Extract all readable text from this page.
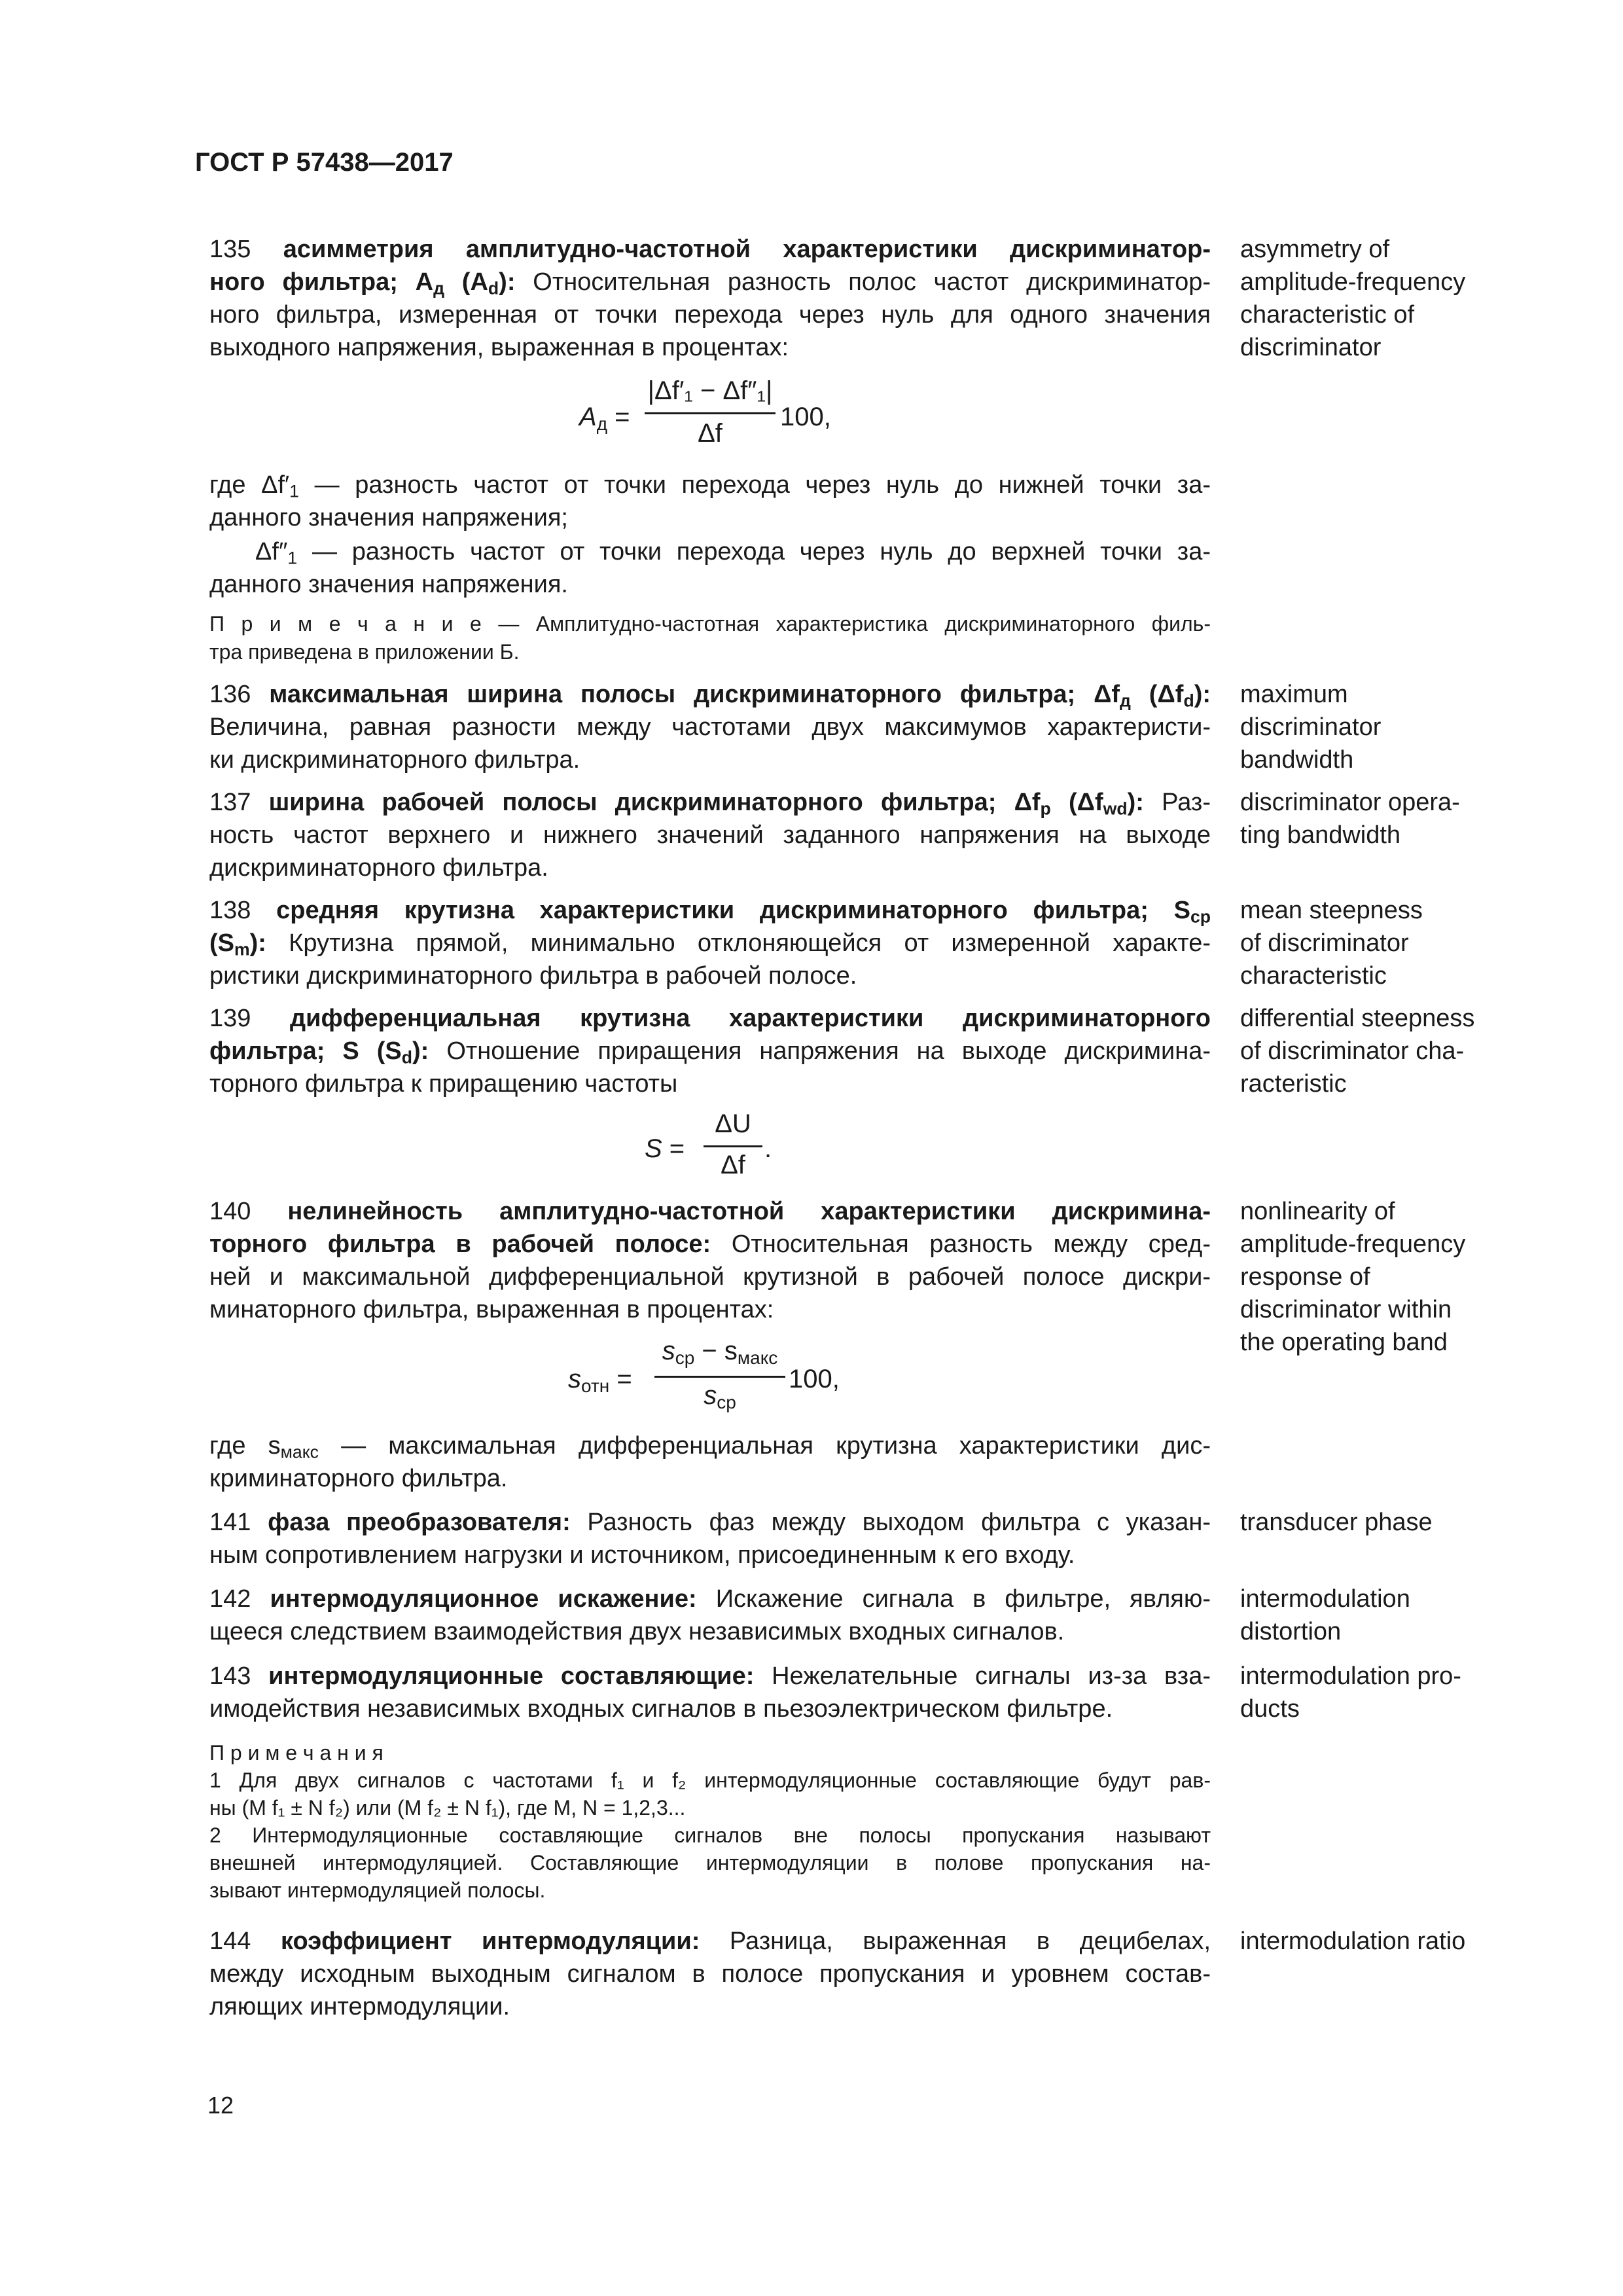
ГОСТ Р 57438—2017
135 асимметрия амплитудно-частотной характеристики дискриминатор-
ного фильтра; $А_д$ $(А_d)$: Относительная разность полос частот дискриминатор-
ного фильтра, измеренная от точки перехода через нуль для одного значения
выходного напряжения, выраженная в процентах:
asymmetry of
amplitude-frequency
characteristic of
discriminator
$A_д$ =
|Δf′₁ − Δf″₁|
Δf
100,
где $\Delta f'_1$ — разность частот от точки перехода через нуль до нижней точки за-
данного значения напряжения;
$\Delta f''_1$ — разность частот от точки перехода через нуль до верхней точки за-
данного значения напряжения.
П р и м е ч а н и е — Амплитудно-частотная характеристика дискриминаторного филь-
тра приведена в приложении Б.
136 максимальная ширина полосы дискриминаторного фильтра; $\Delta f_д$ $(\Delta f_d)$:
Величина, равная разности между частотами двух максимумов характеристи-
ки дискриминаторного фильтра.
maximum
discriminator
bandwidth
137 ширина рабочей полосы дискриминаторного фильтра; $\Delta f_р$ $(\Delta f_{wd})$: Раз-
ность частот верхнего и нижнего значений заданного напряжения на выходе
дискриминаторного фильтра.
discriminator opera-
ting bandwidth
138 средняя крутизна характеристики дискриминаторного фильтра; $S_{ср}$
$(S_m)$: Крутизна прямой, минимально отклоняющейся от измеренной характе-
ристики дискриминаторного фильтра в рабочей полосе.
mean steepness
of discriminator
characteristic
139 дифференциальная крутизна характеристики дискриминаторного
фильтра; S $(S_d)$: Отношение приращения напряжения на выходе дискримина-
торного фильтра к приращению частоты
differential steepness
of discriminator cha-
racteristic
S =
ΔU
Δf
.
140 нелинейность амплитудно-частотной характеристики дискримина-
торного фильтра в рабочей полосе: Относительная разность между сред-
ней и максимальной дифференциальной крутизной в рабочей полосе дискри-
минаторного фильтра, выраженная в процентах:
nonlinearity of
amplitude-frequency
response of
discriminator within
the operating band
$s_{отн}$ =
$s_{ср} - s_{макс}$
$s_{ср}$
100,
где $s_{макс}$ — максимальная дифференциальная крутизна характеристики дис-
криминаторного фильтра.
141 фаза преобразователя: Разность фаз между выходом фильтра с указан-
ным сопротивлением нагрузки и источником, присоединенным к его входу.
transducer phase
142 интермодуляционное искажение: Искажение сигнала в фильтре, являю-
щееся следствием взаимодействия двух независимых входных сигналов.
intermodulation
distortion
143 интермодуляционные составляющие: Нежелательные сигналы из-за вза-
имодействия независимых входных сигналов в пьезоэлектрическом фильтре.
intermodulation pro-
ducts
П р и м е ч а н и я
1 Для двух сигналов с частотами f₁ и f₂ интермодуляционные составляющие будут рав-
ны (M f₁ ± N f₂) или (M f₂ ± N f₁), где M, N = 1,2,3...
2 Интермодуляционные составляющие сигналов вне полосы пропускания называют
внешней интермодуляцией. Составляющие интермодуляции в полове пропускания на-
зывают интермодуляцией полосы.
144 коэффициент интермодуляции: Разница, выраженная в децибелах,
между исходным выходным сигналом в полосе пропускания и уровнем состав-
ляющих интермодуляции.
intermodulation ratio
12
